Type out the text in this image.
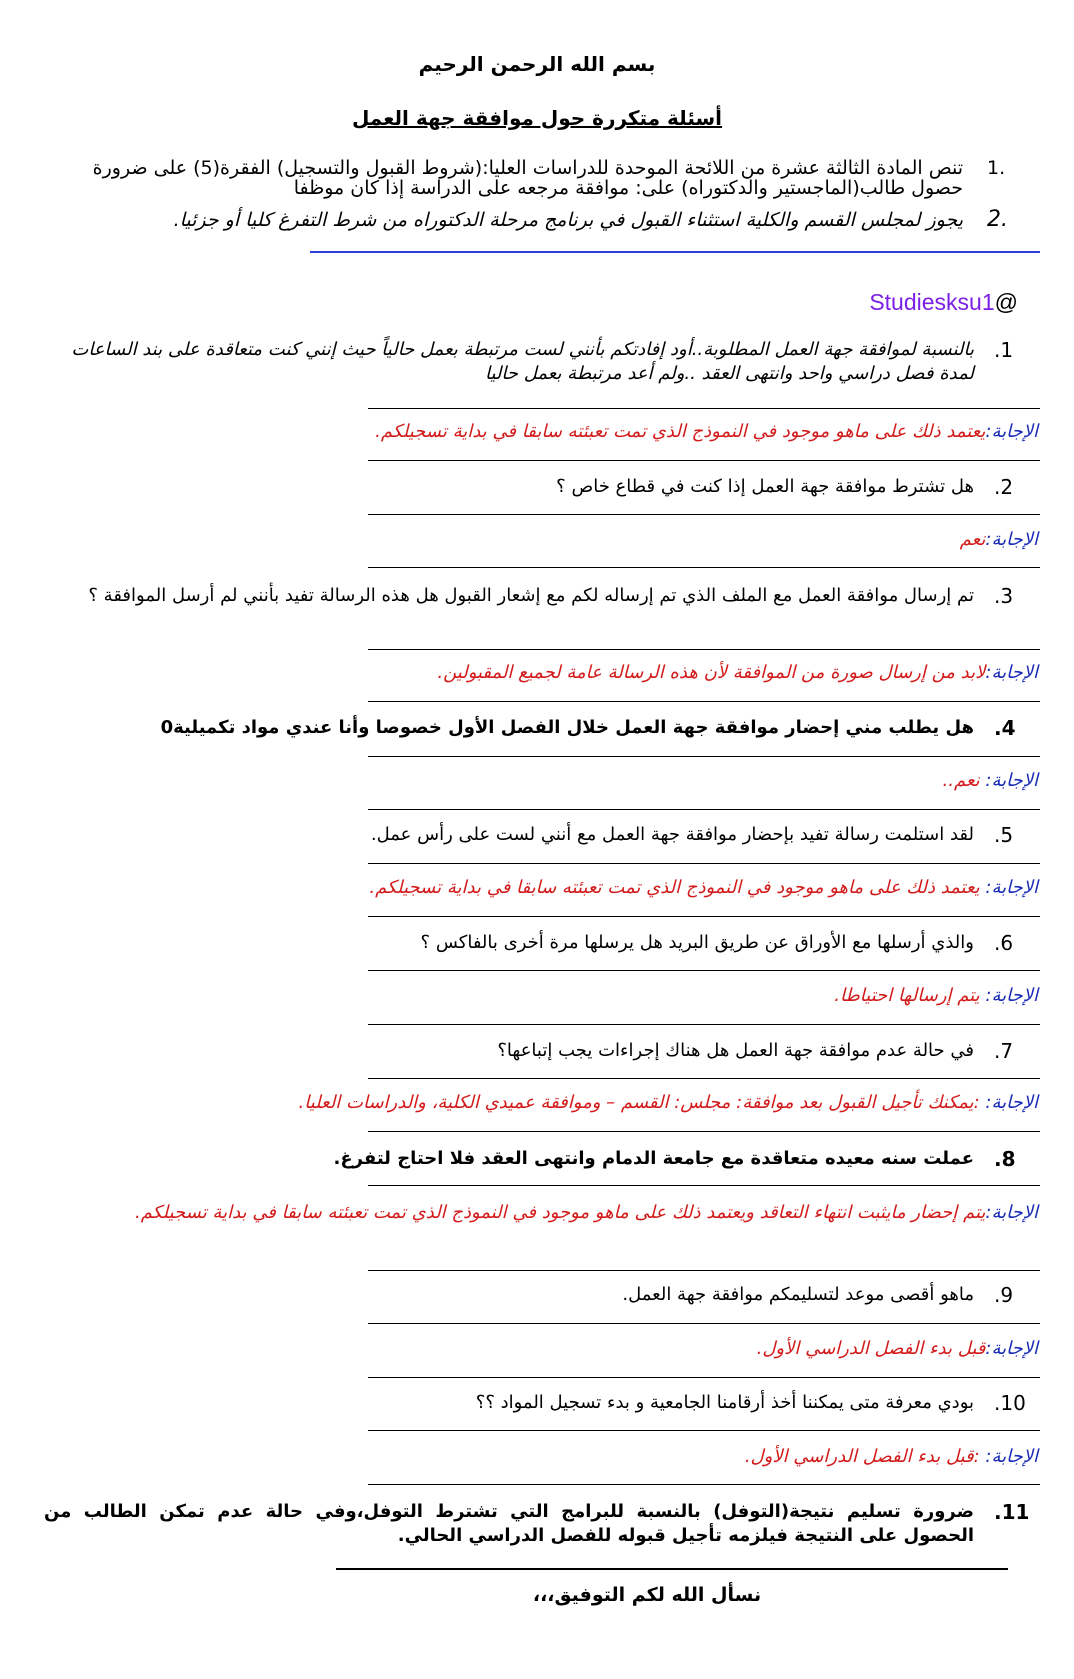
بسم الله الرحمن الرحيم
أسئلة متكررة حول موافقة جهة العمل
.1
تنص المادة الثالثة عشرة من اللائحة الموحدة للدراسات العليا:(شروط القبول والتسجيل) الفقرة(5) على ضرورة حصول طالب(الماجستير والدكتوراه) على: موافقة مرجعه على الدراسة إذا كان موظفا
.2
يجوز لمجلس القسم والكلية استثناء القبول في برنامج مرحلة الدكتوراه من شرط التفرغ كليا أو جزئيا.
Studiesksu1@
.1
بالنسبة لموافقة جهة العمل المطلوبة..أود إفادتكم بأنني لست مرتبطة بعمل حالياً حيث إنني كنت متعاقدة على بند الساعات لمدة فصل دراسي واحد وانتهى العقد ..ولم أعد مرتبطة بعمل حاليا
الإجابة:يعتمد ذلك على ماهو موجود في النموذج الذي تمت تعبئته سابقا في بداية تسجيلكم.
.2
هل تشترط موافقة جهة العمل إذا كنت في قطاع خاص ؟
الإجابة:نعم
.3
تم إرسال موافقة العمل مع الملف الذي تم إرساله لكم مع إشعار القبول هل هذه الرسالة تفيد بأنني لم أرسل الموافقة ؟
الإجابة:لابد من إرسال صورة من الموافقة لأن هذه الرسالة عامة لجميع المقبولين.
.4
هل يطلب مني إحضار موافقة جهة العمل خلال الفصل الأول خصوصا وأنا عندي مواد تكميلية0
الإجابة: نعم..
.5
لقد استلمت رسالة تفيد بإحضار موافقة جهة العمل مع أنني لست على رأس عمل.
الإجابة: يعتمد ذلك على ماهو موجود في النموذج الذي تمت تعبئته سابقا في بداية تسجيلكم.
.6
والذي أرسلها مع الأوراق عن طريق البريد هل يرسلها مرة أخرى بالفاكس ؟
الإجابة: يتم إرسالها احتياطا.
.7
في حالة عدم موافقة جهة العمل هل هناك إجراءات يجب إتباعها؟
الإجابة: :يمكنك تأجيل القبول بعد موافقة: مجلس: القسم – وموافقة عميدي الكلية، والدراسات العليا.
.8
عملت سنه معيده متعاقدة مع جامعة الدمام وانتهى العقد فلا احتاج لتفرغ.
الإجابة:يتم إحضار مايثبت انتهاء التعاقد ويعتمد ذلك على ماهو موجود في النموذج الذي تمت تعبئته سابقا في بداية تسجيلكم.
.9
ماهو أقصى موعد لتسليمكم موافقة جهة العمل.
الإجابة:قبل بدء الفصل الدراسي الأول.
.10
بودي معرفة متى يمكننا أخذ أرقامنا الجامعية و بدء تسجيل المواد ؟؟
الإجابة: :قبل بدء الفصل الدراسي الأول.
.11
ضرورة تسليم نتيجة(التوفل) بالنسبة للبرامج التي تشترط التوفل،وفي حالة عدم تمكن الطالب من الحصول على النتيجة فيلزمه تأجيل قبوله للفصل الدراسي الحالي.
نسأل الله لكم التوفيق،،،
